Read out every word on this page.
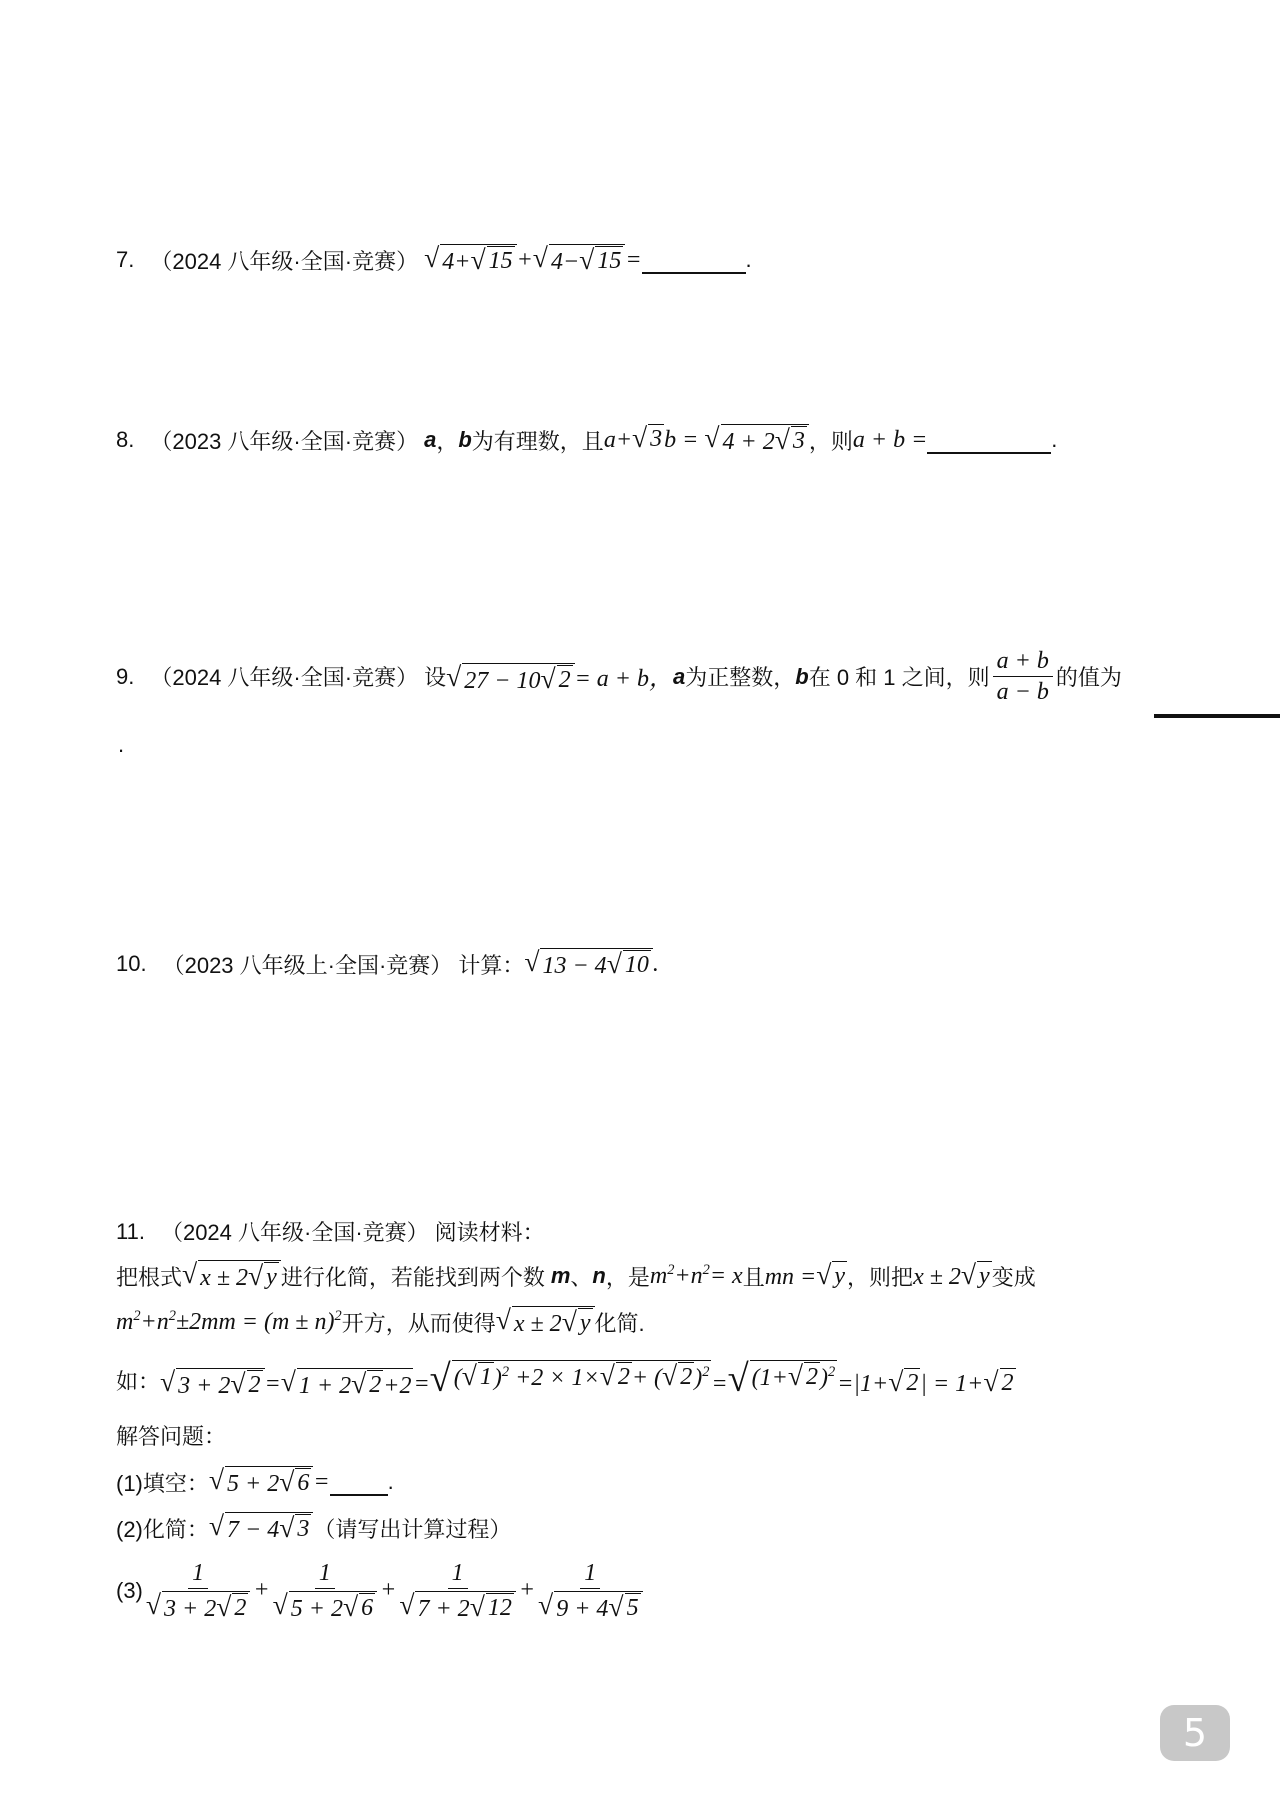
7. （2024 八年级·全国·竞赛） √ 4+ √ 15 + √ 4− √ 15 =	.
8. （2023 八年级·全国·竞赛） a ， b 为有理数，且 a+ √ 3 b = √ 4 + 2 √ 3 ，则 a + b =	.
9. （2024 八年级·全国·竞赛） 设 √ 27 − 10 √ 2 = a + b， a 为正整数， b 在 0 和 1 之间，则 $\frac{a + b}{a - b}$ 的值为
.
10. （2023 八年级上·全国·竞赛） 计算： √ 13 − 4 √ 10 .
11. （2024 八年级·全国·竞赛） 阅读材料：
把根式 √ x ± 2 √ y 进行化简，若能找到两个数 m 、 n ，是 $m^2+n^2= x$ 且 mn = √ y ，则把 x ± 2 √ y 变成
$m^2+n^2\pm 2mm = (m \pm n)^2$ 开方，从而使得 √ x ± 2 √ y 化简.
如： √ 3 + 2 √ 2 = √ 1 + 2 √ 2 +2 = √ ( √ 1 )$^2$ +2 × 1× √ 2 + ( √ 2 )$^2$ = √ (1+ √ 2 )$^2$ =|1+ √ 2 | = 1+ √ 2
解答问题：
(1)填空： √ 5 + 2 √ 6 =	.
(2)化简： √ 7 − 4 √ 3 （请写出计算过程）
$(3) \frac{1}{√ 3 + 2 √ 2} + \frac{1}{√ 5 + 2 √ 6} + \frac{1}{√ 7 + 2 √ 12} + \frac{1}{√ 9 + 4 √ 5}$
5
